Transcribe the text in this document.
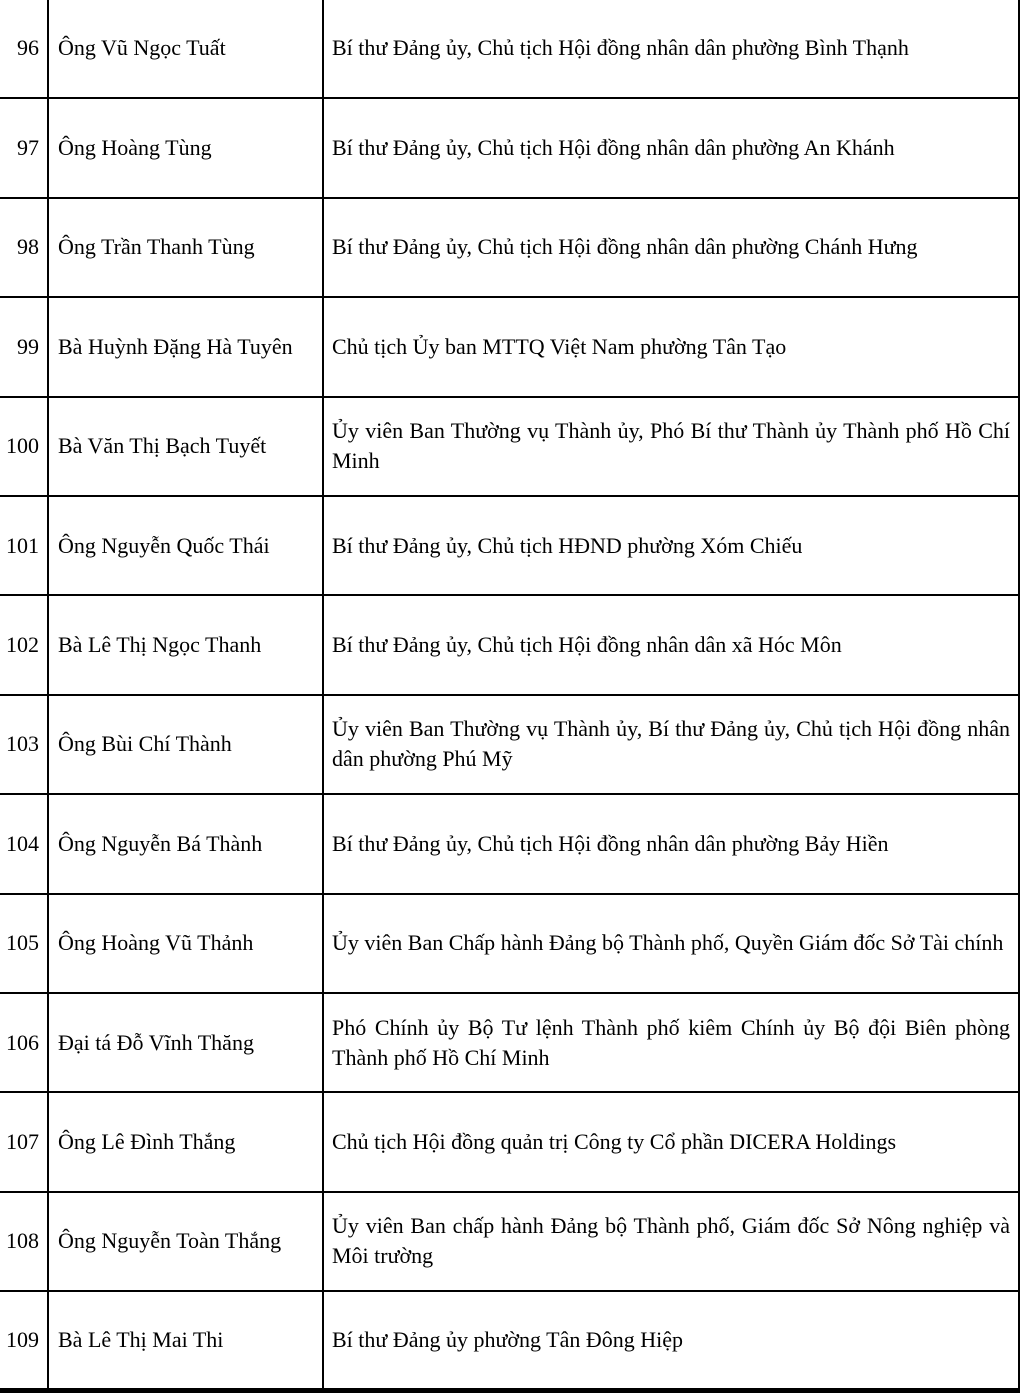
96	Ông Vũ Ngọc Tuất	Bí thư Đảng ủy, Chủ tịch Hội đồng nhân dân phường Bình Thạnh
97	Ông Hoàng Tùng	Bí thư Đảng ủy, Chủ tịch Hội đồng nhân dân phường An Khánh
98	Ông Trần Thanh Tùng	Bí thư Đảng ủy, Chủ tịch Hội đồng nhân dân phường Chánh Hưng
99	Bà Huỳnh Đặng Hà Tuyên	Chủ tịch Ủy ban MTTQ Việt Nam phường Tân Tạo
100	Bà Văn Thị Bạch Tuyết	Ủy viên Ban Thường vụ Thành ủy, Phó Bí thư Thành ủy Thành phố Hồ Chí Minh
101	Ông Nguyễn Quốc Thái	Bí thư Đảng ủy, Chủ tịch HĐND phường Xóm Chiếu
102	Bà Lê Thị Ngọc Thanh	Bí thư Đảng ủy, Chủ tịch Hội đồng nhân dân xã Hóc Môn
103	Ông Bùi Chí Thành	Ủy viên Ban Thường vụ Thành ủy, Bí thư Đảng ủy, Chủ tịch Hội đồng nhân dân phường Phú Mỹ
104	Ông Nguyễn Bá Thành	Bí thư Đảng ủy, Chủ tịch Hội đồng nhân dân phường Bảy Hiền
105	Ông Hoàng Vũ Thảnh	Ủy viên Ban Chấp hành Đảng bộ Thành phố, Quyền Giám đốc Sở Tài chính
106	Đại tá Đỗ Vĩnh Thăng	Phó Chính ủy Bộ Tư lệnh Thành phố kiêm Chính ủy Bộ đội Biên phòng Thành phố Hồ Chí Minh
107	Ông Lê Đình Thắng	Chủ tịch Hội đồng quản trị Công ty Cổ phần DICERA Holdings
108	Ông Nguyễn Toàn Thắng	Ủy viên Ban chấp hành Đảng bộ Thành phố, Giám đốc Sở Nông nghiệp và Môi trường
109	Bà Lê Thị Mai Thi	Bí thư Đảng ủy phường Tân Đông Hiệp
